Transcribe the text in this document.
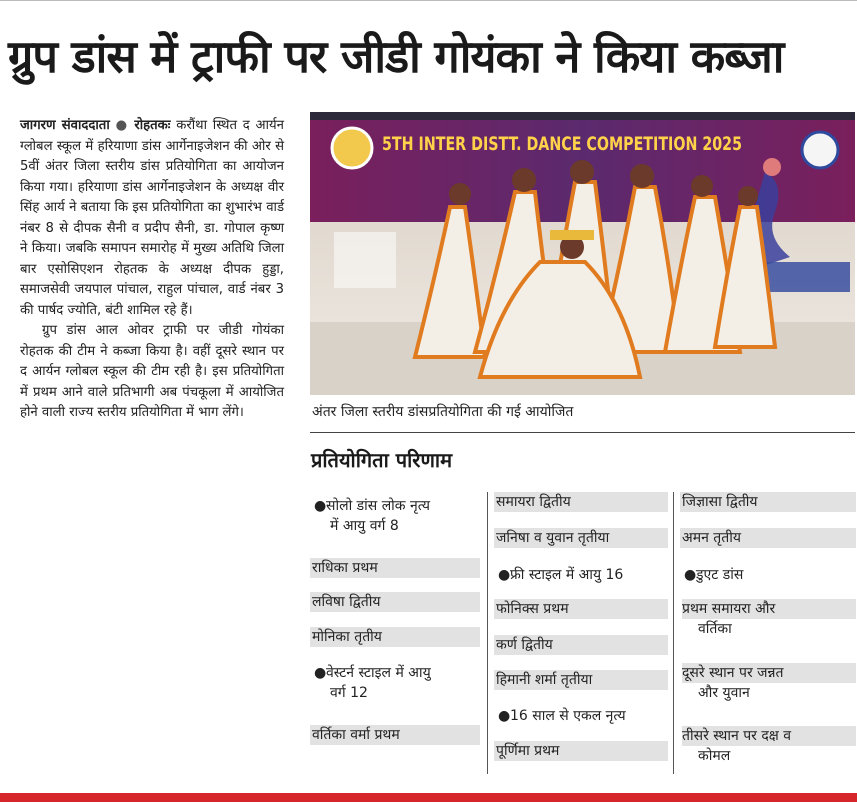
ग्रुप डांस में ट्राफी पर जीडी गोयंका ने किया कब्जा

जागरण संवाददाता ● रोहतकः करौंथा स्थित द आर्यन ग्लोबल स्कूल में हरियाणा डांस आर्गेनाइजेशन की ओर से 5वीं अंतर जिला स्तरीय डांस प्रतियोगिता का आयोजन किया गया। हरियाणा डांस आर्गेनाइजेशन के अध्यक्ष वीर सिंह आर्य ने बताया कि इस प्रतियोगिता का शुभारंभ वार्ड नंबर 8 से दीपक सैनी व प्रदीप सैनी, डा. गोपाल कृष्ण ने किया। जबकि समापन समारोह में मुख्य अतिथि जिला बार एसोसिएशन रोहतक के अध्यक्ष दीपक हुड्डा, समाजसेवी जयपाल पांचाल, राहुल पांचाल, वार्ड नंबर 3 की पार्षद ज्योति, बंटी शामिल रहे हैं।

ग्रुप डांस आल ओवर ट्राफी पर जीडी गोयंका रोहतक की टीम ने कब्जा किया है। वहीं दूसरे स्थान पर द आर्यन ग्लोबल स्कूल की टीम रही है। इस प्रतियोगिता में प्रथम आने वाले प्रतिभागी अब पंचकूला में आयोजित होने वाली राज्य स्तरीय प्रतियोगिता में भाग लेंगे।

5TH INTER DISTT. DANCE COMPETITION 2025
अंतर जिला स्तरीय डांसप्रतियोगिता की गई आयोजित
प्रतियोगिता परिणाम
●सोलो डांस लोक नृत्य
में आयु वर्ग 8
राधिका प्रथम
लविषा द्वितीय
मोनिका तृतीय
●वेस्टर्न स्टाइल में आयु
वर्ग 12
वर्तिका वर्मा प्रथम
समायरा द्वितीय
जनिषा व युवान तृतीया
●फ्री स्टाइल में आयु 16
फोनिक्स प्रथम
कर्ण द्वितीय
हिमानी शर्मा तृतीया
●16 साल से एकल नृत्य
पूर्णिमा प्रथम
जिज्ञासा द्वितीय
अमन तृतीय
●डुएट डांस
प्रथम समायरा और
वर्तिका
दूसरे स्थान पर जन्नत
और युवान
तीसरे स्थान पर दक्ष व
कोमल
